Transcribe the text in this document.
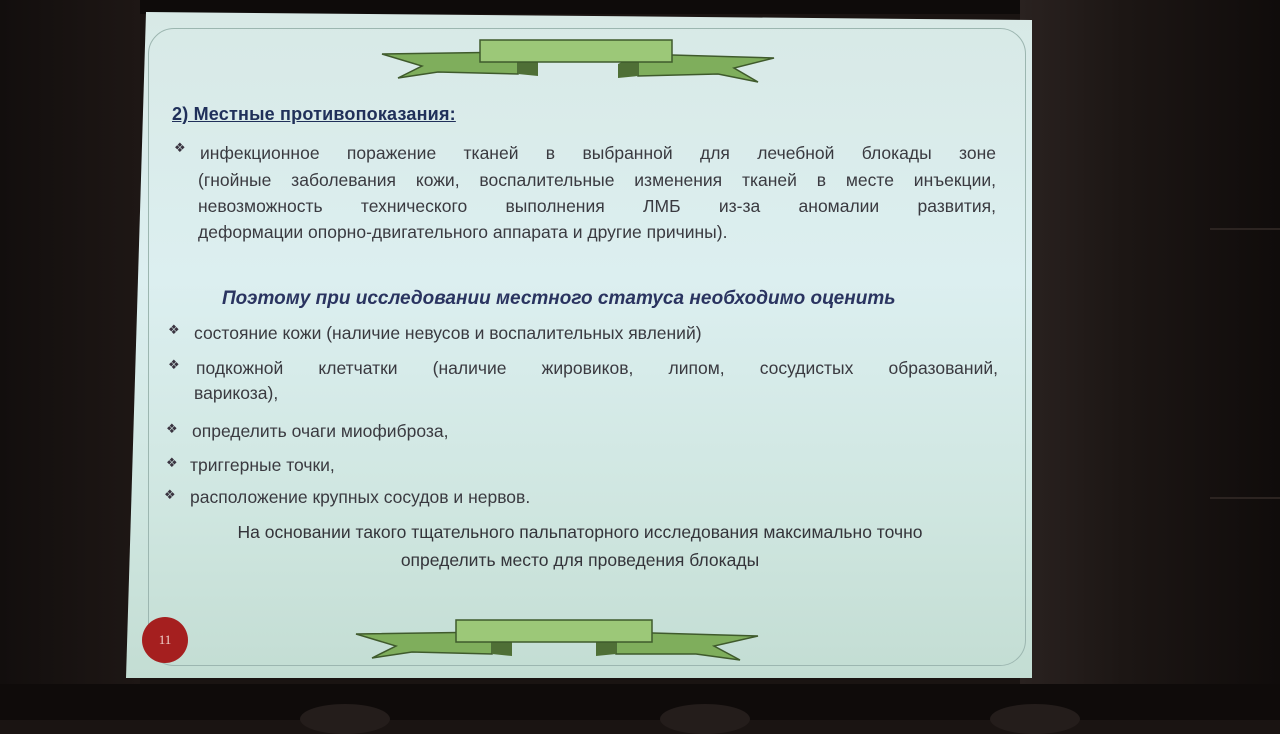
2) Местные противопоказания:
❖ инфекционное поражение тканей в выбранной для лечебной блокады зоне
(гнойные заболевания кожи, воспалительные изменения тканей в месте инъекции,
невозможность технического выполнения ЛМБ из-за аномалии развития,
деформации опорно-двигательного аппарата и другие причины).
Поэтому при исследовании местного статуса необходимо оценить
❖ состояние кожи (наличие невусов и воспалительных явлений)
❖ подкожной клетчатки (наличие жировиков, липом, сосудистых образований,
варикоза),
❖ определить очаги миофиброза,
❖ триггерные точки,
❖ расположение крупных сосудов и нервов.
На основании такого тщательного пальпаторного исследования максимально точно
определить место для проведения блокады
11
